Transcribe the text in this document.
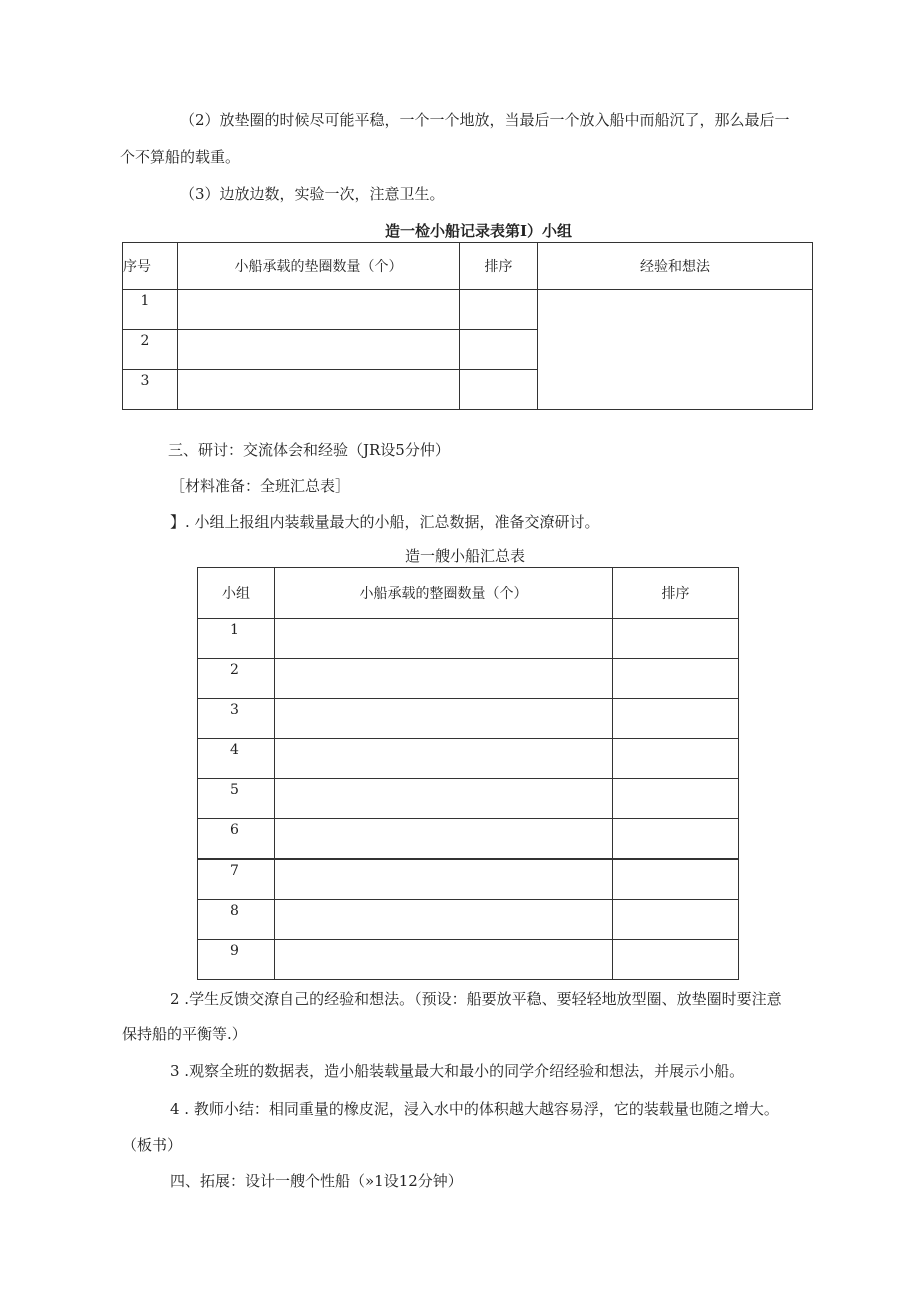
（2）放垫圈的时候尽可能平稳，一个一个地放，当最后一个放入船中而船沉了，那么最后一
个不算船的载重。
（3）边放边数，实验一次，注意卫生。
造一检小船记录表第I）小组
序号	小船承载的垫圈数量（个）	排序	经验和想法
1			
2			
3			
三、研讨：交流体会和经验（JR设5分仲）
［材料准备：全班汇总表］
】. 小组上报组内装载量最大的小船，汇总数据，准备交潦研讨。
造一艘小船汇总表
小组	小船承载的整圈数量（个）	排序
1		
2		
3		
4		
5		
6		
7		
8		
9		
2 .学生反馈交潦自己的经验和想法。（预设：船要放平稳、要轻轻地放型圈、放垫圈时要注意
保持船的平衡等.）
3 .观察全班的数据表，造小船装载量最大和最小的同学介绍经验和想法，并展示小船。
4 . 教师小结：相同重量的橡皮泥，浸入水中的体积越大越容易浮，它的装载量也随之增大。
（板书）
四、拓展：设计一艘个性船（»1设12分钟）
